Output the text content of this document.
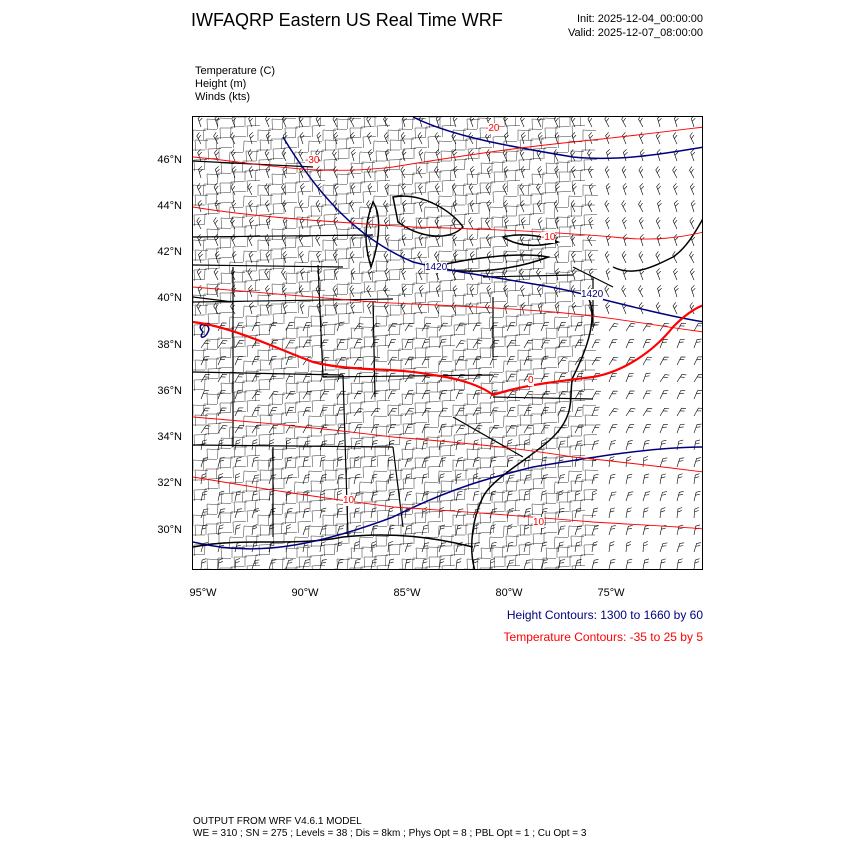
IWFAQRP Eastern US Real Time WRF	Init: 2025-12-04_00:00:00
Valid: 2025-12-07_08:00:00
Temperature (C)
Height (m)
Winds (kts)
1420
1420
-20
-30
-10
0
10
10
46°N
44°N
42°N
40°N
38°N
36°N
34°N
32°N
30°N
95°W	90°W	85°W	80°W	75°W
Height Contours: 1300 to 1660 by 60
Temperature Contours: -35 to 25 by 5
OUTPUT FROM WRF V4.6.1 MODEL
WE = 310 ; SN = 275 ; Levels = 38 ; Dis = 8km ; Phys Opt = 8 ; PBL Opt = 1 ; Cu Opt = 3
